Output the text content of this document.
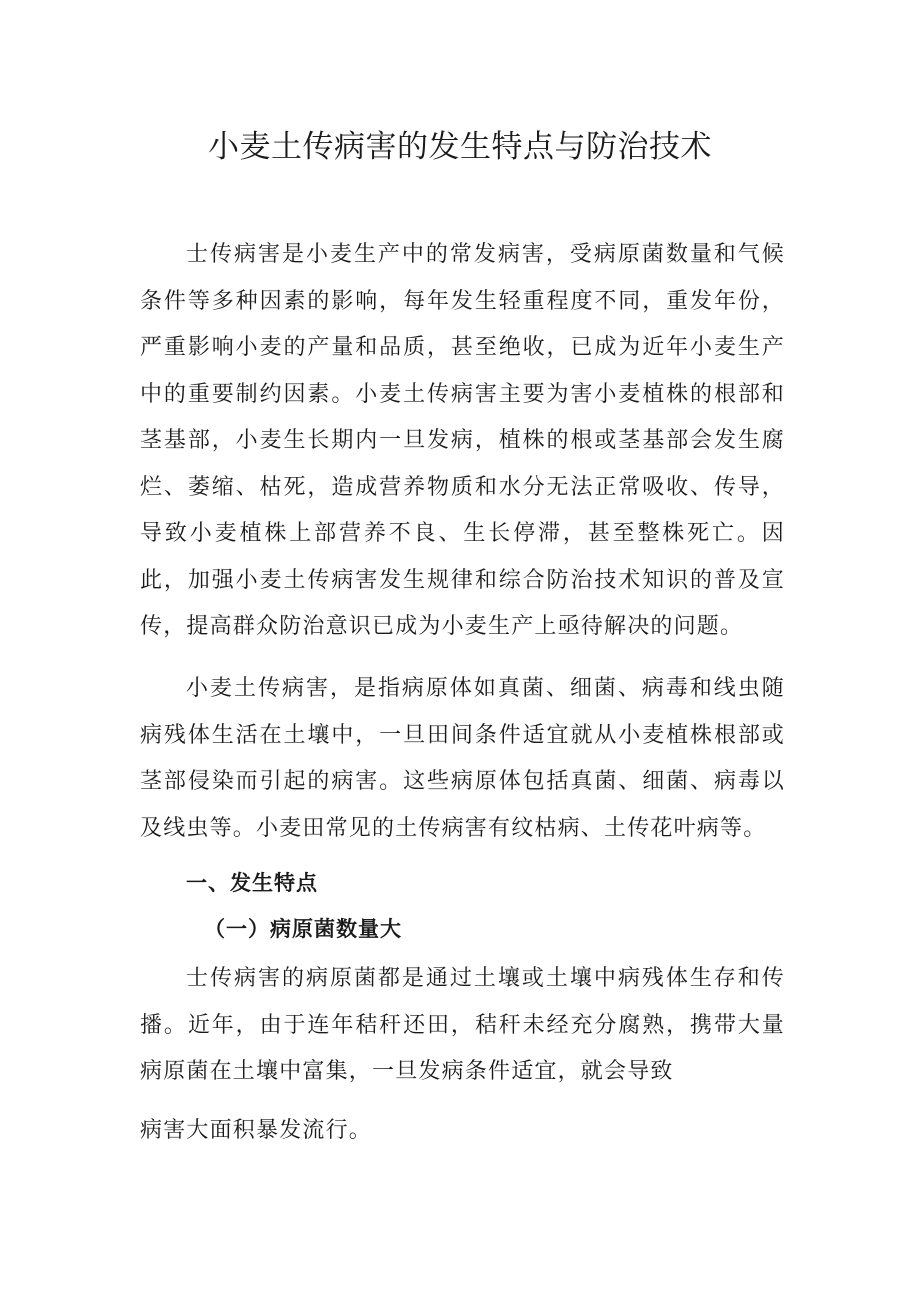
小麦土传病害的发生特点与防治技术

士传病害是小麦生产中的常发病害，受病原菌数量和气候条件等多种因素的影响，每年发生轻重程度不同，重发年份，严重影响小麦的产量和品质，甚至绝收，已成为近年小麦生产中的重要制约因素。小麦土传病害主要为害小麦植株的根部和茎基部，小麦生长期内一旦发病，植株的根或茎基部会发生腐烂、萎缩、枯死，造成营养物质和水分无法正常吸收、传导，导致小麦植株上部营养不良、生长停滞，甚至整株死亡。因此，加强小麦土传病害发生规律和综合防治技术知识的普及宣传，提高群众防治意识已成为小麦生产上亟待解决的问题。

小麦土传病害，是指病原体如真菌、细菌、病毒和线虫随病残体生活在土壤中，一旦田间条件适宜就从小麦植株根部或茎部侵染而引起的病害。这些病原体包括真菌、细菌、病毒以及线虫等。小麦田常见的土传病害有纹枯病、土传花叶病等。

一、发生特点
（一）病原菌数量大

士传病害的病原菌都是通过土壤或土壤中病残体生存和传播。近年，由于连年秸秆还田，秸秆未经充分腐熟，携带大量病原菌在土壤中富集，一旦发病条件适宜，就会导致

病害大面积暴发流行。
